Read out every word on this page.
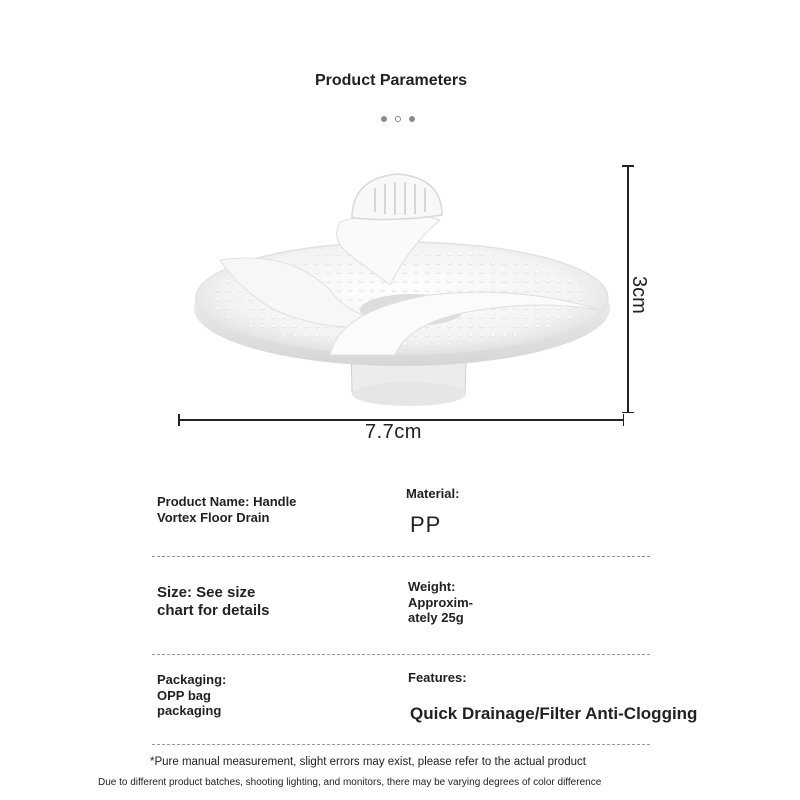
Product Parameters
7.7cm
3cm
Product Name: Handle
Vortex Floor Drain
Material:
PP
Size: See size
chart for details
Weight:
Approxim-
ately 25g
Packaging:
OPP bag
packaging
Features:
Quick Drainage/Filter Anti-Clogging
*Pure manual measurement, slight errors may exist, please refer to the actual product
Due to different product batches, shooting lighting, and monitors, there may be varying degrees of color difference
